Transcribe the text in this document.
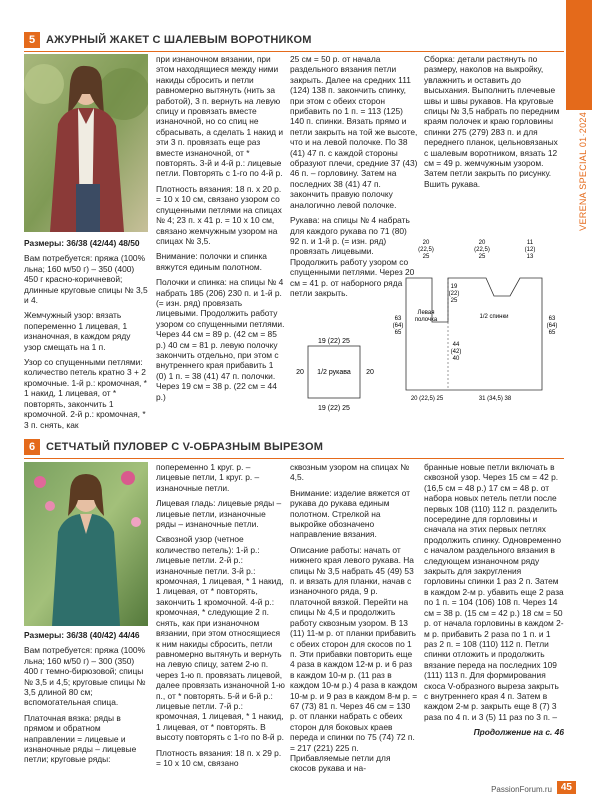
VERENA SPECIAL 01·2024
5 АЖУРНЫЙ ЖАКЕТ С ШАЛЕВЫМ ВОРОТНИКОМ

Размеры: 36/38 (42/44) 48/50

Вам потребуется: пряжа (100% льна; 160 м/50 г) – 350 (400) 450 г красно-коричневой; длинные круговые спицы № 3,5 и 4.

Жемчужный узор: вязать попеременно 1 лицевая, 1 изнаночная, в каждом ряду узор смещать на 1 п.

Узор со спущенными петлями: количество петель кратно 3 + 2 кромочные. 1-й р.: кромочная, * 1 накид, 1 лицевая, от * повторять, закончить 1 кромочной. 2-й р.: кромочная, * 3 п. снять, как

при изнаночном вязании, при этом находящиеся между ними накиды сбросить и петли равномерно вытянуть (нить за работой), 3 п. вернуть на левую спицу и провязать вместе изнаночной, но со спиц не сбрасывать, а сделать 1 накид и эти 3 п. провязать еще раз вместе изнаночной, от * повторять. 3-й и 4-й р.: лицевые петли. Повторять с 1-го по 4-й р.

Плотность вязания: 18 п. х 20 р. = 10 х 10 см, связано узором со спущенными петлями на спицах № 4; 23 п. х 41 р. = 10 х 10 см, связано жемчужным узором на спицах № 3,5.

Внимание: полочки и спинка вяжутся единым полотном.

Полочки и спинка: на спицы № 4 набрать 185 (206) 230 п. и 1-й р. (= изн. ряд) провязать лицевыми. Продолжить работу узором со спущенными петлями. Через 44 см = 89 р. (42 см = 85 р.) 40 см = 81 р. левую полочку закончить отдельно, при этом с внутреннего края прибавить 1 (0) 1 п. = 38 (41) 47 п. полочки. Через 19 см = 38 р. (22 см = 44 р.)

25 см = 50 р. от начала раздельного вязания петли закрыть. Далее на средних 111 (124) 138 п. закончить спинку, при этом с обеих сторон прибавить по 1 п. = 113 (125) 140 п. спинки. Вязать прямо и петли закрыть на той же высоте, что и на левой полочке. По 38 (41) 47 п. с каждой стороны образуют плечи, средние 37 (43) 46 п. – горловину. Затем на последних 38 (41) 47 п. закончить правую полочку аналогично левой полочке.

Рукава: на спицы № 4 набрать для каждого рукава по 71 (80) 92 п. и 1-й р. (= изн. ряд) провязать лицевыми. Продолжить работу узором со спущенными петлями. Через 20 см = 41 р. от наборного ряда петли закрыть.

Сборка: детали растянуть по размеру, наколов на выкройку, увлажнить и оставить до высыхания. Выполнить плечевые швы и швы рукавов. На круговые спицы № 3,5 набрать по передним краям полочек и краю горловины спинки 275 (279) 283 п. и для переднего планок, цельновязаных с шалевым воротником, вязать 12 см = 49 р. жемчужным узором. Затем петли закрыть по рисунку. Вшить рукава.

19 (22) 25
19 (22) 25
20	20
1/2 рукава
20 (22,5) 25
20 (22,5) 25
11 (12) 13
19 (22) 25
Левая полочка	1/2 спинки
63 (64) 65
63 (64) 65
44 (42) 40
20 (22,5) 25	31 (34,5) 38
6 СЕТЧАТЫЙ ПУЛОВЕР С V-ОБРАЗНЫМ ВЫРЕЗОМ

Размеры: 36/38 (40/42) 44/46

Вам потребуется: пряжа (100% льна; 160 м/50 г) – 300 (350) 400 г темно-бирюзовой; спицы № 3,5 и 4,5; круговые спицы № 3,5 длиной 80 см; вспомогательная спица.

Платочная вязка: ряды в прямом и обратном направлении = лицевые и изнаночные ряды – лицевые петли; круговые ряды:

попеременно 1 круг. р. – лицевые петли, 1 круг. р. – изнаночные петли.

Лицевая гладь: лицевые ряды – лицевые петли, изнаночные ряды – изнаночные петли.

Сквозной узор (четное количество петель): 1-й р.: лицевые петли. 2-й р.: изнаночные петли. 3-й р.: кромочная, 1 лицевая, * 1 накид, 1 лицевая, от * повторять, закончить 1 кромочной. 4-й р.: кромочная, * следующие 2 п. снять, как при изнаночном вязании, при этом относящиеся к ним накиды сбросить, петли равномерно вытянуть и вернуть на левую спицу, затем 2-ю п. через 1-ю п. провязать лицевой, далее провязать изнаночной 1-ю п., от * повторять. 5-й и 6-й р.: лицевые петли. 7-й р.: кромочная, 1 лицевая, * 1 накид, 1 лицевая, от * повторять. В высоту повторять с 1-го по 8-й р.

Плотность вязания: 18 п. х 29 р. = 10 х 10 см, связано

сквозным узором на спицах № 4,5.

Внимание: изделие вяжется от рукава до рукава единым полотном. Стрелкой на выкройке обозначено направление вязания.

Описание работы: начать от нижнего края левого рукава. На спицы № 3,5 набрать 45 (49) 53 п. и вязать для планки, начав с изнаночного ряда, 9 р. платочной вязкой. Перейти на спицы № 4,5 и продолжить работу сквозным узором. В 13 (11) 11-м р. от планки прибавить с обеих сторон для скосов по 1 п. Эти прибавки повторить еще 4 раза в каждом 12-м р. и 6 раз в каждом 10-м р. (11 раз в каждом 10-м р.) 4 раза в каждом 10-м р. и 9 раз в каждом 8-м р. = 67 (73) 81 п. Через 46 см = 130 р. от планки набрать с обеих сторон для боковых краев переда и спинки по 75 (74) 72 п. = 217 (221) 225 п. Прибавляемые петли для скосов рукава и на-

бранные новые петли включать в сквозной узор. Через 15 см = 42 р. (16,5 см = 48 р.) 17 см = 48 р. от набора новых петель петли после первых 108 (110) 112 п. разделить посередине для горловины и сначала на этих первых петлях продолжить спинку. Одновременно с началом раздельного вязания в следующем изнаночном ряду закрыть для закругления горловины спинки 1 раз 2 п. Затем в каждом 2-м р. убавить еще 2 раза по 1 п. = 104 (106) 108 п. Через 14 см = 38 р. (15 см = 42 р.) 18 см = 50 р. от начала горловины в каждом 2-м р. прибавить 2 раза по 1 п. и 1 раз 2 п. = 108 (110) 112 п. Петли спинки отложить и продолжить вязание переда на последних 109 (111) 113 п. Для формирования скоса V-образного выреза закрыть с внутреннего края 4 п. Затем в каждом 2-м р. закрыть еще 8 (7) 3 раза по 4 п. и 3 (5) 11 раз по 3 п. –

Продолжение на с. 46

PassionForum.ru 45
